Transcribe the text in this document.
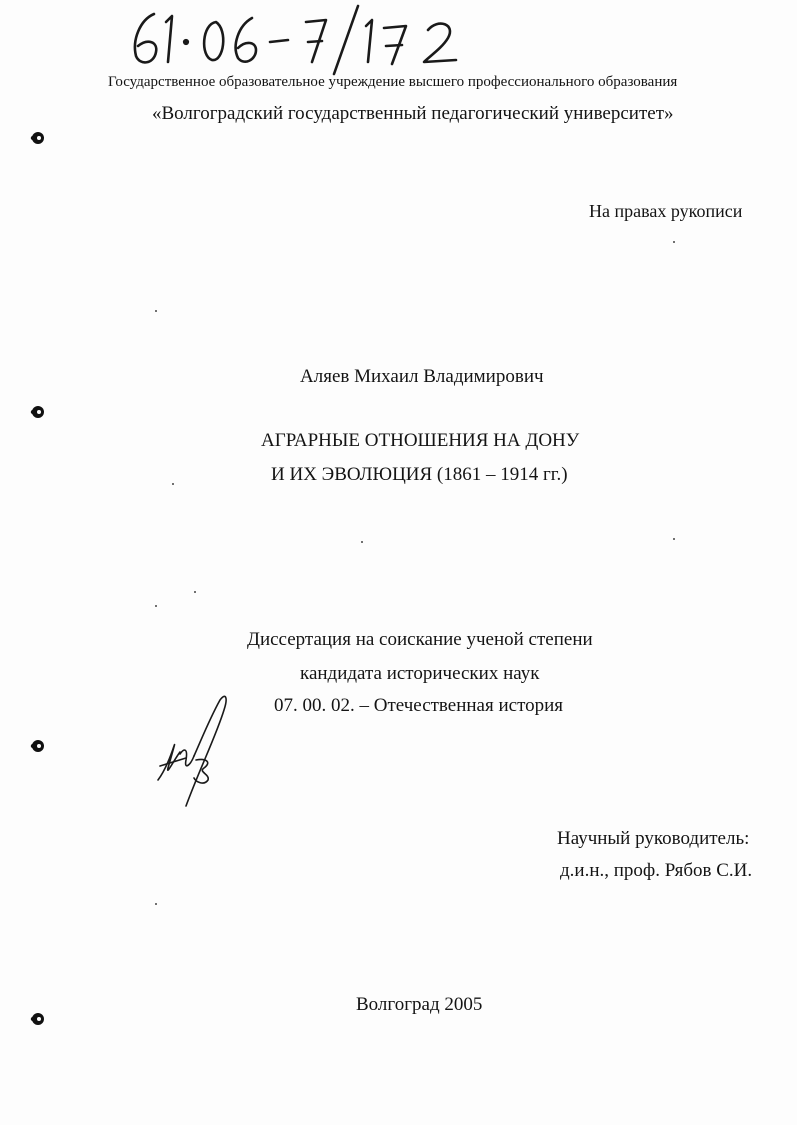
Государственное образовательное учреждение высшего профессионального образования
«Волгоградский государственный педагогический университет»
На правах рукописи
Аляев Михаил Владимирович
АГРАРНЫЕ ОТНОШЕНИЯ НА ДОНУ
И ИХ ЭВОЛЮЦИЯ (1861 – 1914 гг.)
Диссертация на соискание ученой степени
кандидата исторических наук
07. 00. 02. – Отечественная история
Научный руководитель:
д.и.н., проф. Рябов С.И.
Волгоград 2005
